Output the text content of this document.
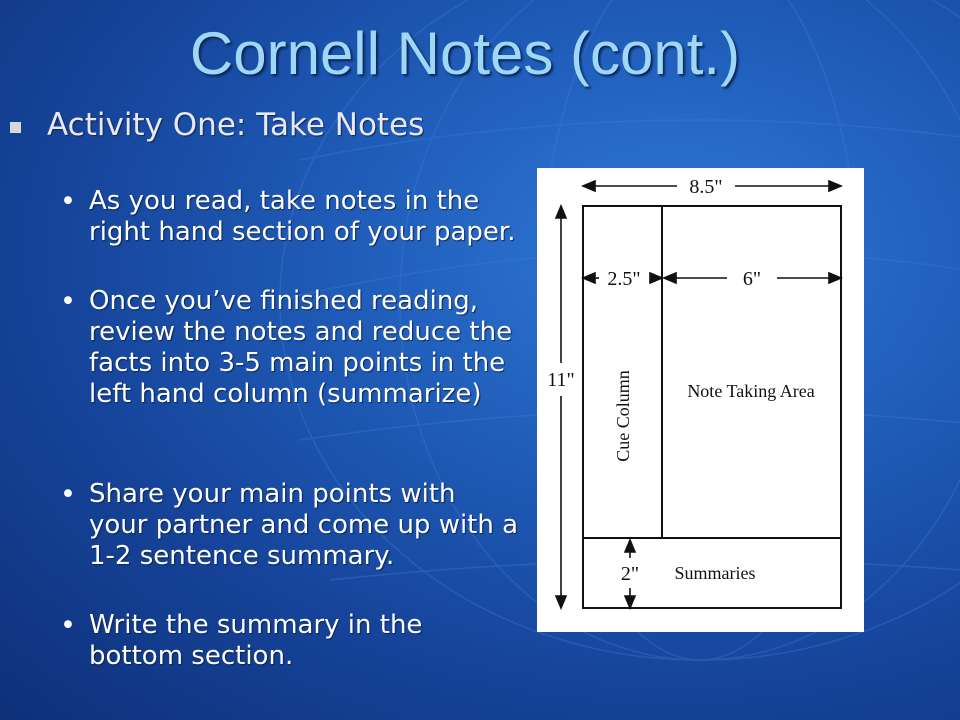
Cornell Notes (cont.)
Activity One: Take Notes
• As you read, take notes in the right hand section of your paper.
• Once you’ve finished reading, review the notes and reduce the facts into 3-5 main points in the left hand column (summarize)
• Share your main points with your partner and come up with a 1-2 sentence summary.
• Write the summary in the bottom section.
8.5"
2.5"	6"
11"
2"
Cue Column	Note Taking Area
Summaries
